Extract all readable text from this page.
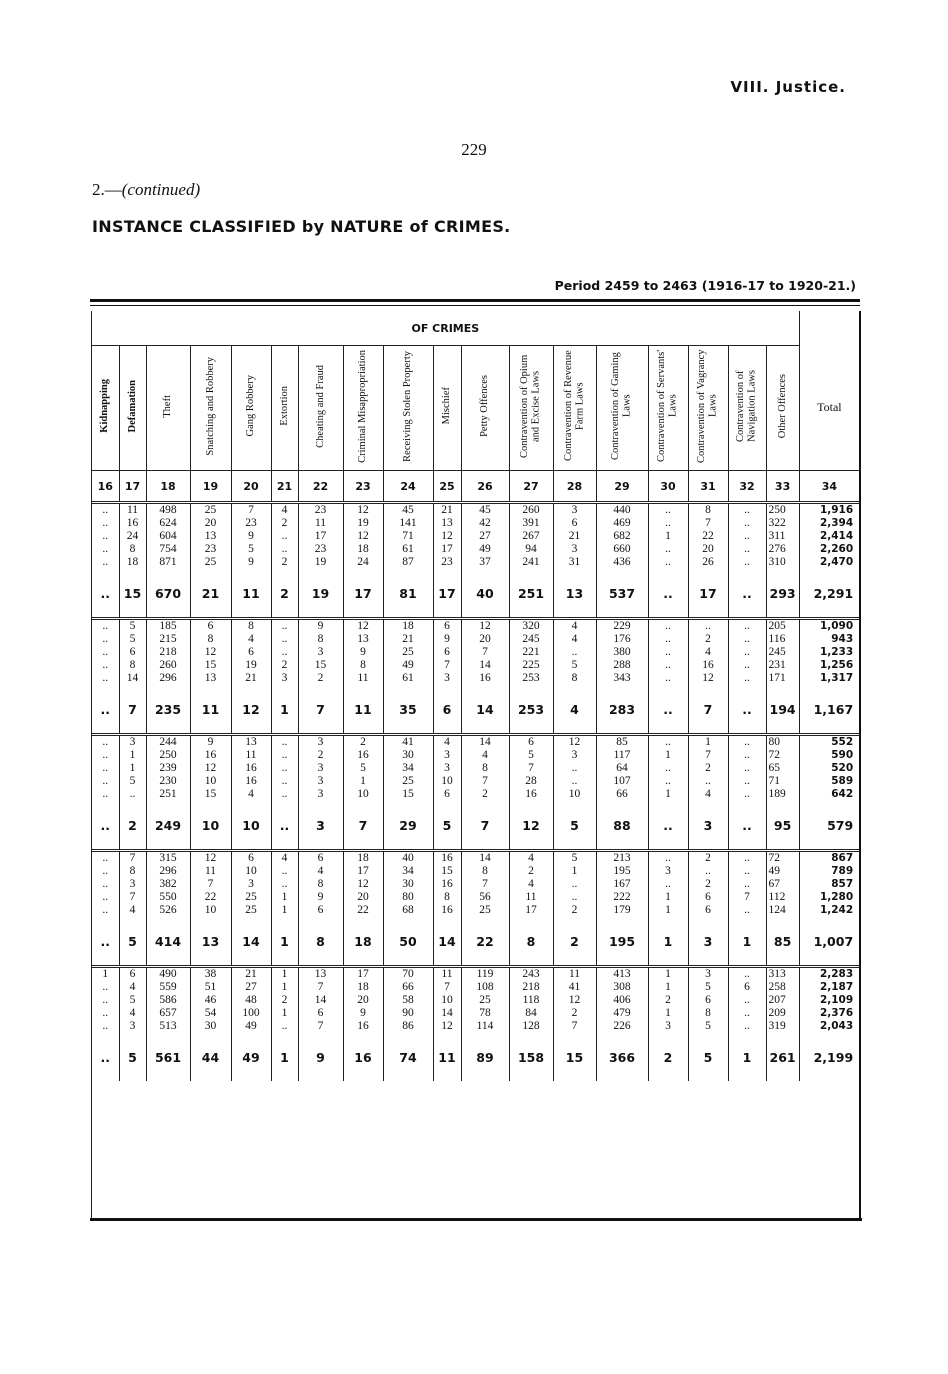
VIII. Justice.
229
2.—(continued)
INSTANCE CLASSIFIED by NATURE of CRIMES.
Period 2459 to 2463 (1916-17 to 1920-21.)
OF CRIMES																		
Kidnapping	Defamation	Theft	Snatching and Robbery	Gang Robbery	Extortion	Cheating and Fraud	Criminal Misappropriation	Receiving Stolen Property	Mischief	Petty Offences	Contravention of Opium and Excise Laws	Contravention of Revenue Farm Laws	Contravention of Gaming Laws	Contravention of Servants' Laws	Contravention of Vagrancy Laws	Contravention of Navigation Laws	Other Offences	Total
16	17	18	19	20	21	22	23	24	25	26	27	28	29	30	31	32	33	34
..	11	498	25	7	4	23	12	45	21	45	260	3	440	..	8	..	250	1,916
..	16	624	20	23	2	11	19	141	13	42	391	6	469	..	7	..	322	2,394
..	24	604	13	9	..	17	12	71	12	27	267	21	682	1	22	..	311	2,414
..	8	754	23	5	..	23	18	61	17	49	94	3	660	..	20	..	276	2,260
..	18	871	25	9	2	19	24	87	23	37	241	31	436	..	26	..	310	2,470
..	15	670	21	11	2	19	17	81	17	40	251	13	537	..	17	..	293	2,291
..	5	185	6	8	..	9	12	18	6	12	320	4	229	..	..	..	205	1,090
..	5	215	8	4	..	8	13	21	9	20	245	4	176	..	2	..	116	943
..	6	218	12	6	..	3	9	25	6	7	221	..	380	..	4	..	245	1,233
..	8	260	15	19	2	15	8	49	7	14	225	5	288	..	16	..	231	1,256
..	14	296	13	21	3	2	11	61	3	16	253	8	343	..	12	..	171	1,317
..	7	235	11	12	1	7	11	35	6	14	253	4	283	..	7	..	194	1,167
..	3	244	9	13	..	3	2	41	4	14	6	12	85	..	1	..	80	552
..	1	250	16	11	..	2	16	30	3	4	5	3	117	1	7	..	72	590
..	1	239	12	16	..	3	5	34	3	8	7	..	64	..	2	..	65	520
..	5	230	10	16	..	3	1	25	10	7	28	..	107	..	..	..	71	589
..	..	251	15	4	..	3	10	15	6	2	16	10	66	1	4	..	189	642
..	2	249	10	10	..	3	7	29	5	7	12	5	88	..	3	..	95	579
..	7	315	12	6	4	6	18	40	16	14	4	5	213	..	2	..	72	867
..	8	296	11	10	..	4	17	34	15	8	2	1	195	3	..	..	49	789
..	3	382	7	3	..	8	12	30	16	7	4	..	167	..	2	..	67	857
..	7	550	22	25	1	9	20	80	8	56	11	..	222	1	6	7	112	1,280
..	4	526	10	25	1	6	22	68	16	25	17	2	179	1	6	..	124	1,242
..	5	414	13	14	1	8	18	50	14	22	8	2	195	1	3	1	85	1,007
1	6	490	38	21	1	13	17	70	11	119	243	11	413	1	3	..	313	2,283
..	4	559	51	27	1	7	18	66	7	108	218	41	308	1	5	6	258	2,187
..	5	586	46	48	2	14	20	58	10	25	118	12	406	2	6	..	207	2,109
..	4	657	54	100	1	6	9	90	14	78	84	2	479	1	8	..	209	2,376
..	3	513	30	49	..	7	16	86	12	114	128	7	226	3	5	..	319	2,043
..	5	561	44	49	1	9	16	74	11	89	158	15	366	2	5	1	261	2,199
